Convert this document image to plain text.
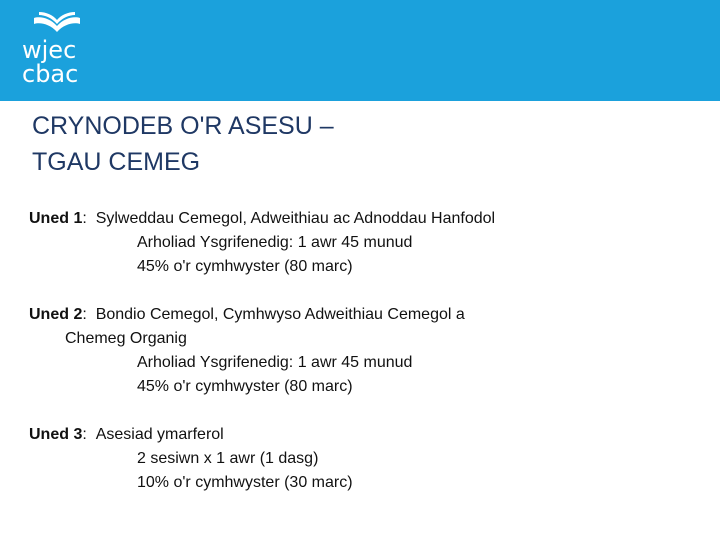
wjec
cbac
CRYNODEB O'R ASESU –
TGAU CEMEG
Uned 1:  Sylweddau Cemegol, Adweithiau ac Adnoddau Hanfodol
Arholiad Ysgrifenedig: 1 awr 45 munud
45% o'r cymhwyster (80 marc)
Uned 2:  Bondio Cemegol, Cymhwyso Adweithiau Cemegol a
Chemeg Organig
Arholiad Ysgrifenedig: 1 awr 45 munud
45% o'r cymhwyster (80 marc)
Uned 3:  Asesiad ymarferol
2 sesiwn x 1 awr (1 dasg)
10% o'r cymhwyster (30 marc)
